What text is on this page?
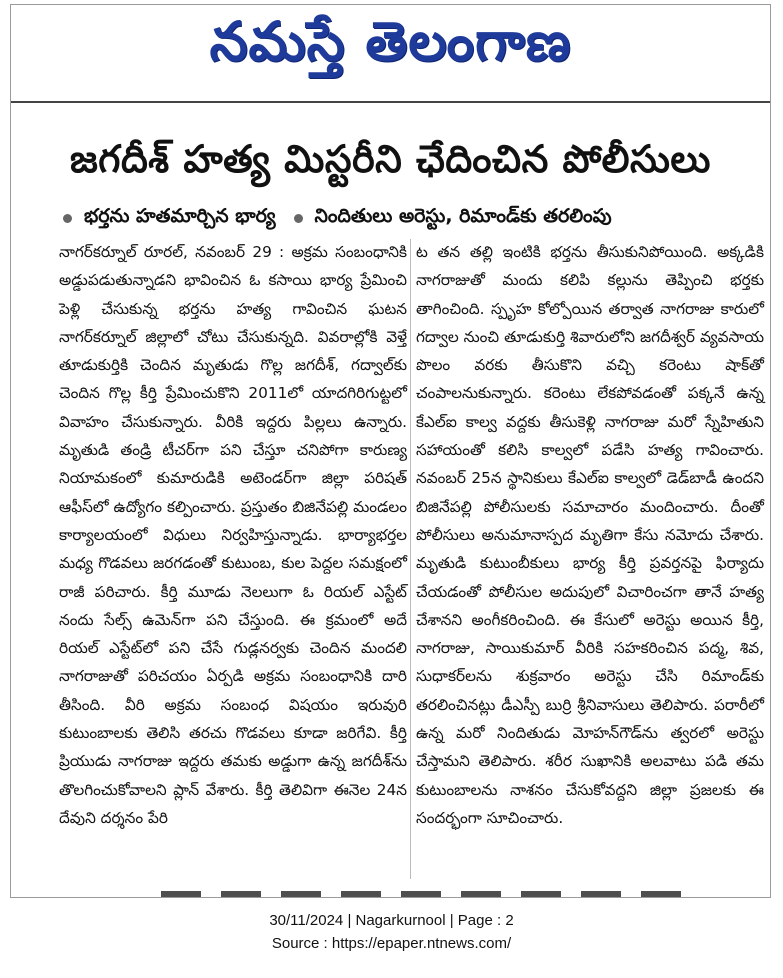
నమస్తే తెలంగాణ
జగదీశ్ హత్య మిస్టరీని ఛేదించిన పోలీసులు
భర్తను హతమార్చిన భార్య నిందితులు అరెస్టు, రిమాండ్‌కు తరలింపు

నాగర్‌కర్నూల్ రూరల్, నవంబర్ 29 : అక్రమ సంబంధానికి అడ్డుపడుతున్నాడని భావించిన ఓ కసాయి భార్య ప్రేమించి పెళ్లి చేసుకున్న భర్తను హత్య గావించిన ఘటన నాగర్‌కర్నూల్ జిల్లాలో చోటు చేసుకున్నది. వివరాల్లోకి వెళ్తే తూడుకుర్తికి చెందిన మృతుడు గొల్ల జగదీశ్, గద్వాల్‌కు చెందిన గొల్ల కీర్తి ప్రేమించుకొని 2011లో యాదగిరిగుట్టలో వివాహం చేసుకున్నారు. వీరికి ఇద్దరు పిల్లలు ఉన్నారు. మృతుడి తండ్రి టీచర్‌గా పని చేస్తూ చనిపోగా కారుణ్య నియామకంలో కుమారుడికి అటెండర్‌గా జిల్లా పరిషత్ ఆఫీస్‌లో ఉద్యోగం కల్పించారు. ప్రస్తుతం బిజినేపల్లి మండలం కార్యాలయంలో విధులు నిర్వహిస్తున్నాడు. భార్యాభర్తల మధ్య గొడవలు జరగడంతో కుటుంబ, కుల పెద్దల సమక్షంలో రాజీ పరిచారు. కీర్తి మూడు నెలలుగా ఓ రియల్ ఎస్టేట్ నందు సేల్స్ ఉమెన్‌గా పని చేస్తుంది. ఈ క్రమంలో అదే రియల్ ఎస్టేట్‌లో పని చేసే గుడ్లనర్వకు చెందిన మందలి నాగరాజుతో పరిచయం ఏర్పడి అక్రమ సంబంధానికి దారి తీసింది. వీరి అక్రమ సంబంధ విషయం ఇరువురి కుటుంబాలకు తెలిసి తరచు గొడవలు కూడా జరిగేవి. కీర్తి ప్రియుడు నాగరాజు ఇద్దరు తమకు అడ్డుగా ఉన్న జగదీశ్‌ను తొలగించుకోవాలని ప్లాన్ వేశారు. కీర్తి తెలివిగా ఈనెల 24న దేవుని దర్శనం పేరి

ట తన తల్లి ఇంటికి భర్తను తీసుకునిపోయింది. అక్కడికి నాగరాజుతో మందు కలిపి కల్లును తెప్పించి భర్తకు తాగించింది. స్పృహ కోల్పోయిన తర్వాత నాగరాజు కారులో గద్వాల నుంచి తూడుకుర్తి శివారులోని జగదీశ్వర్ వ్యవసాయ పొలం వరకు తీసుకొని వచ్చి కరెంటు షాక్‌తో చంపాలనుకున్నారు. కరెంటు లేకపోవడంతో పక్కనే ఉన్న కేఎల్ఐ కాల్వ వద్దకు తీసుకెళ్లి నాగరాజు మరో స్నేహితుని సహాయంతో కలిసి కాల్వలో పడేసి హత్య గావించారు. నవంబర్ 25న స్థానికులు కేఎల్ఐ కాల్వలో డెడ్‌బాడీ ఉందని బిజినేపల్లి పోలీసులకు సమాచారం మందించారు. దీంతో పోలీసులు అనుమానాస్పద మృతిగా కేసు నమోదు చేశారు. మృతుడి కుటుంబీకులు భార్య కీర్తి ప్రవర్తనపై ఫిర్యాదు చేయడంతో పోలీసుల అదుపులో విచారించగా తానే హత్య చేశానని అంగీకరించింది. ఈ కేసులో అరెస్టు అయిన కీర్తి, నాగరాజు, సాయికుమార్ వీరికి సహకరించిన పద్మ, శివ, సుధాకర్‌లను శుక్రవారం అరెస్టు చేసి రిమాండ్‌కు తరలించినట్లు డీఎస్పీ బుర్రి శ్రీనివాసులు తెలిపారు. పరారీలో ఉన్న మరో నిందితుడు మోహన్‌గౌడ్‌ను త్వరలో అరెస్టు చేస్తామని తెలిపారు. శరీర సుఖానికి అలవాటు పడి తమ కుటుంబాలను నాశనం చేసుకోవద్దని జిల్లా ప్రజలకు ఈ సందర్భంగా సూచించారు.

30/11/2024 | Nagarkurnool | Page : 2
Source : https://epaper.ntnews.com/
